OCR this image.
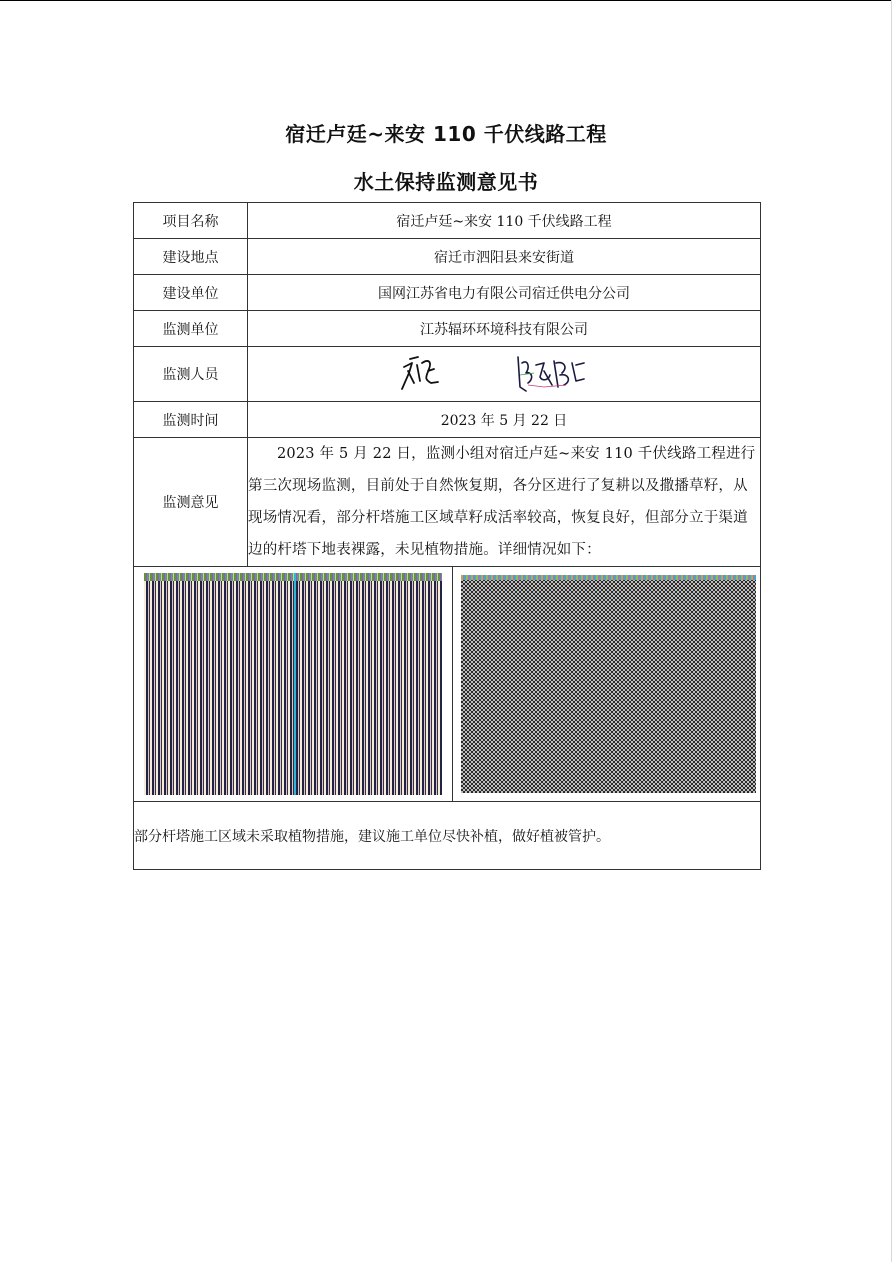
宿迁卢廷~来安 110 千伏线路工程
水土保持监测意见书
项目名称	宿迁卢廷~来安 110 千伏线路工程
建设地点	宿迁市泗阳县来安街道
建设单位	国网江苏省电力有限公司宿迁供电分公司
监测单位	江苏辐环环境科技有限公司
监测人员	

监测时间	2023 年 5 月 22 日
监测意见	2023 年 5 月 22 日，监测小组对宿迁卢廷~来安 110 千伏线路工程进行第三次现场监测，目前处于自然恢复期，各分区进行了复耕以及撒播草籽，从现场情况看，部分杆塔施工区域草籽成活率较高，恢复良好，但部分立于渠道边的杆塔下地表裸露，未见植物措施。详细情况如下：

部分杆塔施工区域未采取植物措施，建议施工单位尽快补植，做好植被管护。	
